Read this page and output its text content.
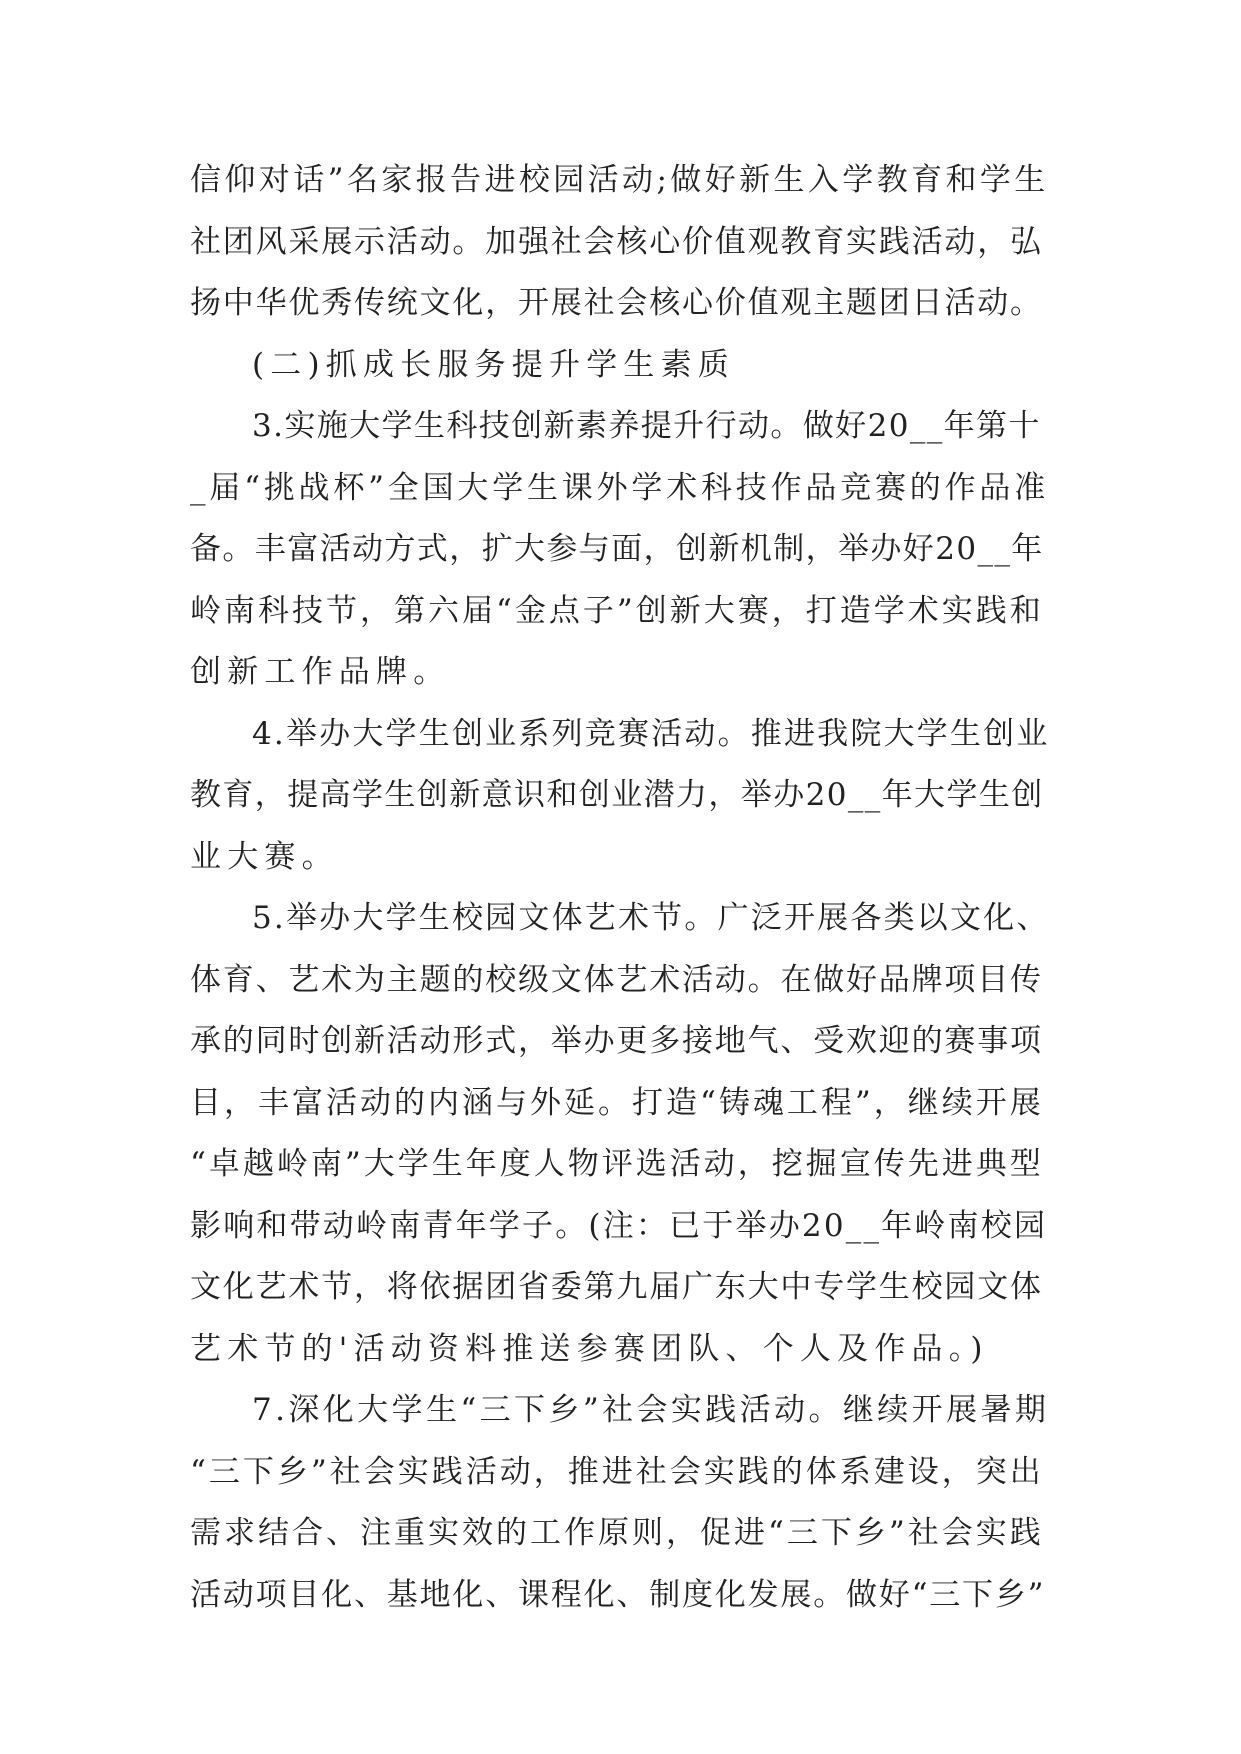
信仰对话”名家报告进校园活动;做好新生入学教育和学生
社团风采展示活动。加强社会核心价值观教育实践活动，弘
扬中华优秀传统文化，开展社会核心价值观主题团日活动。
(二)抓成长服务提升学生素质
3.实施大学生科技创新素养提升行动。做好20__年第十
_届“挑战杯”全国大学生课外学术科技作品竞赛的作品准
备。丰富活动方式，扩大参与面，创新机制，举办好20__年
岭南科技节，第六届“金点子”创新大赛，打造学术实践和
创新工作品牌。
4.举办大学生创业系列竞赛活动。推进我院大学生创业
教育，提高学生创新意识和创业潜力，举办20__年大学生创
业大赛。
5.举办大学生校园文体艺术节。广泛开展各类以文化、
体育、艺术为主题的校级文体艺术活动。在做好品牌项目传
承的同时创新活动形式，举办更多接地气、受欢迎的赛事项
目，丰富活动的内涵与外延。打造“铸魂工程”，继续开展
“卓越岭南”大学生年度人物评选活动，挖掘宣传先进典型
影响和带动岭南青年学子。(注：已于举办20__年岭南校园
文化艺术节，将依据团省委第九届广东大中专学生校园文体
艺术节的'活动资料推送参赛团队、个人及作品。)
7.深化大学生“三下乡”社会实践活动。继续开展暑期
“三下乡”社会实践活动，推进社会实践的体系建设，突出
需求结合、注重实效的工作原则，促进“三下乡”社会实践
活动项目化、基地化、课程化、制度化发展。做好“三下乡”
